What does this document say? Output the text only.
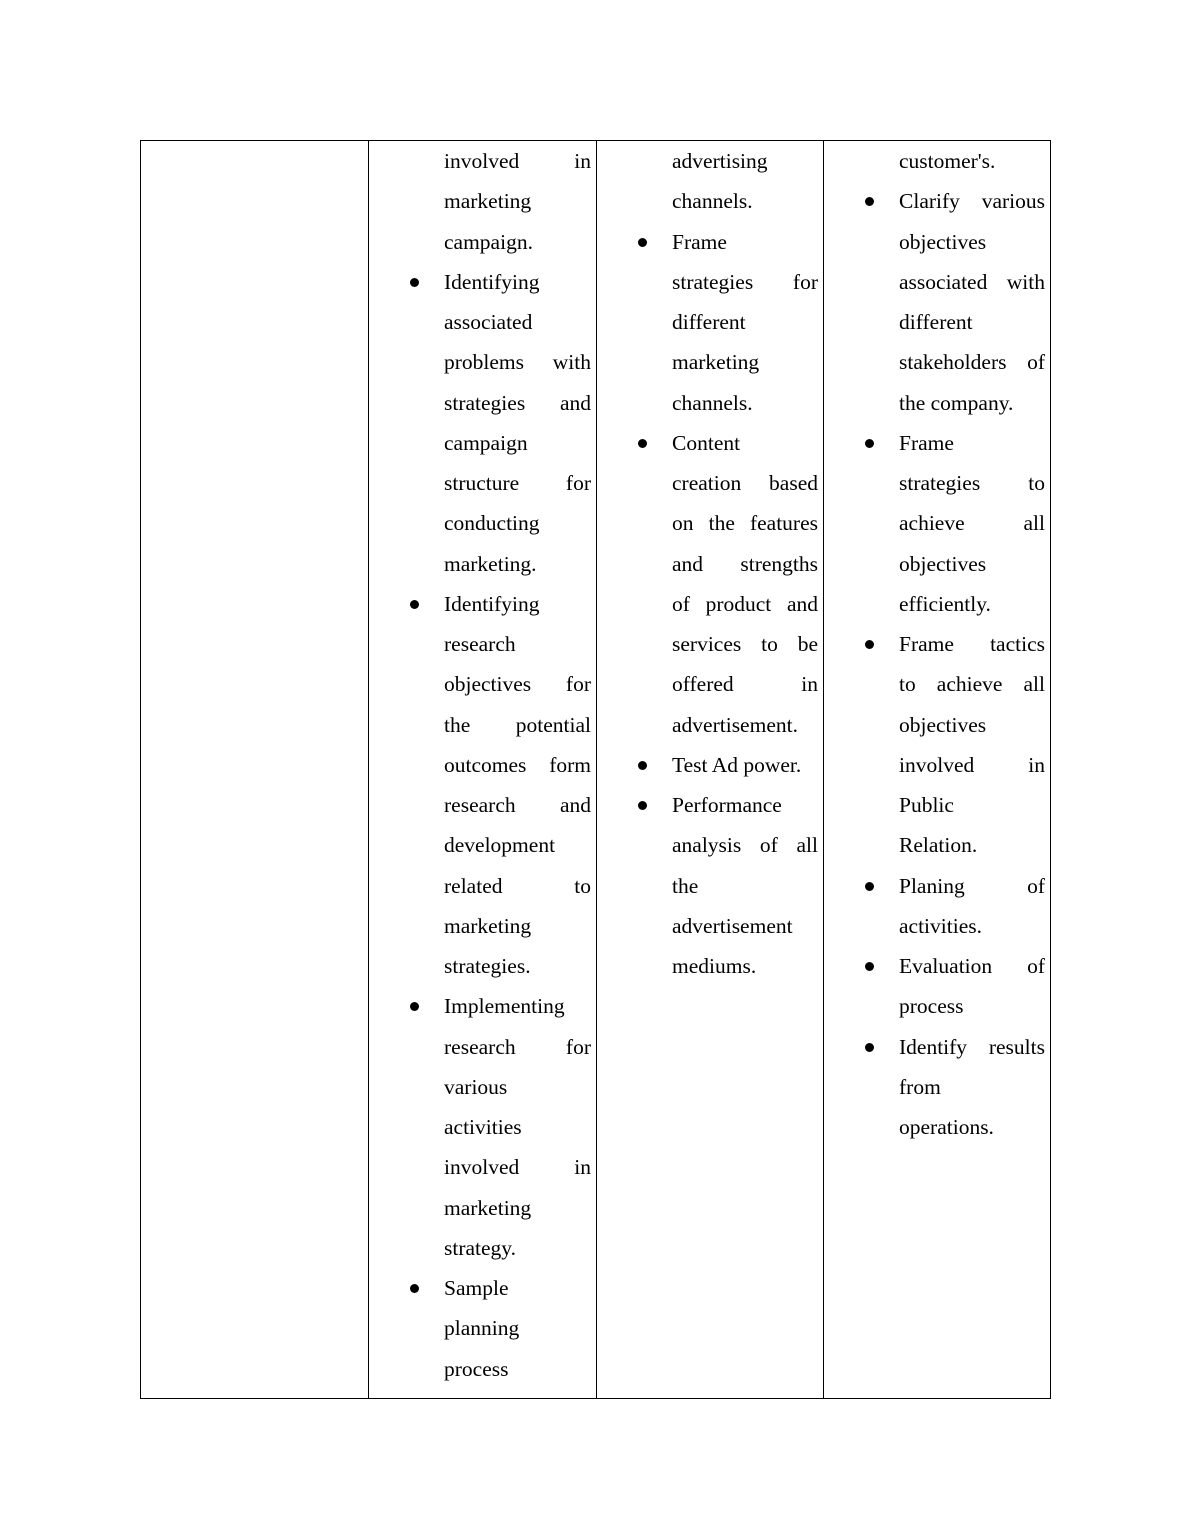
involved in
marketing
campaign.
Identifying
associated
problems with
strategies and
campaign
structure for
conducting
marketing.
Identifying
research
objectives for
the potential
outcomes form
research and
development
related to
marketing
strategies.
Implementing
research for
various
activities
involved in
marketing
strategy.
Sample
planning
process
advertising
channels.
Frame
strategies for
different
marketing
channels.
Content
creation based
on the features
and strengths
of product and
services to be
offered in
advertisement.
Test Ad power.
Performance
analysis of all
the
advertisement
mediums.
customer's.
Clarify various
objectives
associated with
different
stakeholders of
the company.
Frame
strategies to
achieve all
objectives
efficiently.
Frame tactics
to achieve all
objectives
involved in
Public
Relation.
Planing of
activities.
Evaluation of
process
Identify results
from
operations.
